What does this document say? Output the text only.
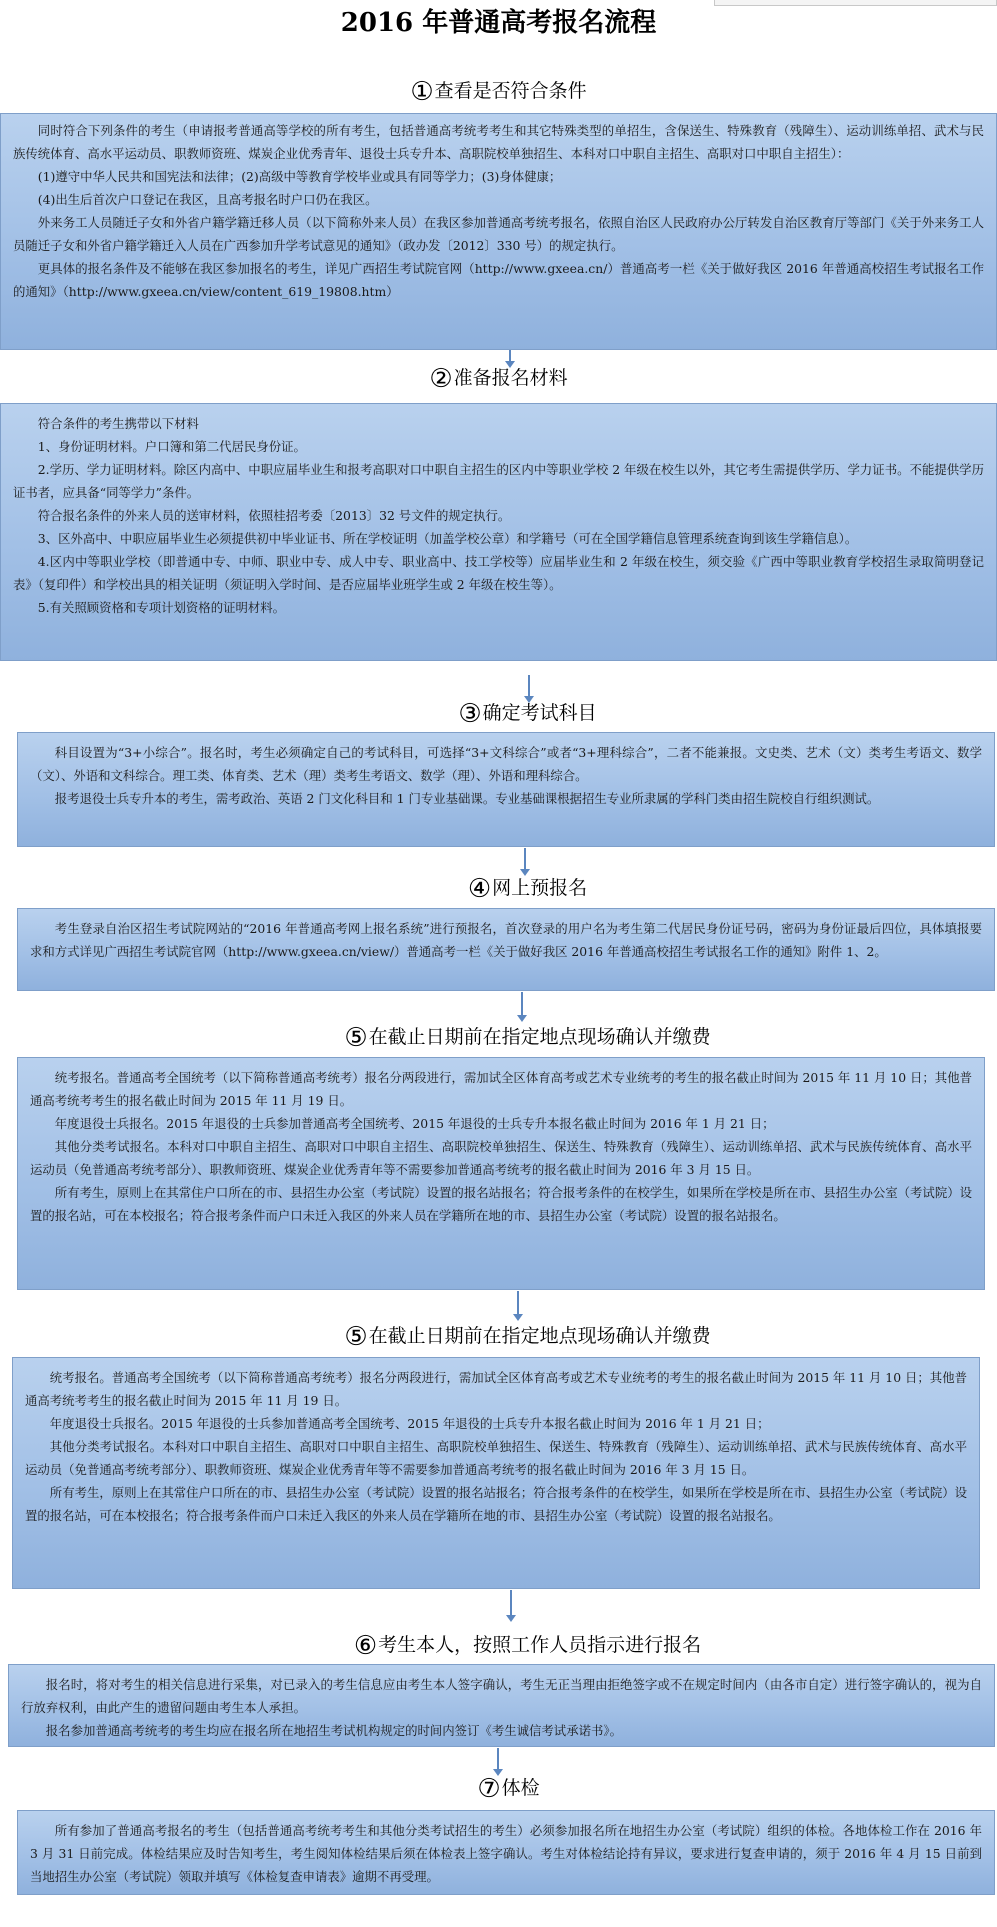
2016 年普通高考报名流程
①查看是否符合条件

同时符合下列条件的考生（申请报考普通高等学校的所有考生，包括普通高考统考考生和其它特殊类型的单招生，含保送生、特殊教育（残障生）、运动训练单招、武术与民族传统体育、高水平运动员、职教师资班、煤炭企业优秀青年、退役士兵专升本、高职院校单独招生、本科对口中职自主招生、高职对口中职自主招生）：

(1)遵守中华人民共和国宪法和法律；(2)高级中等教育学校毕业或具有同等学力；(3)身体健康；

(4)出生后首次户口登记在我区，且高考报名时户口仍在我区。

外来务工人员随迁子女和外省户籍学籍迁移人员（以下简称外来人员）在我区参加普通高考统考报名，依照自治区人民政府办公厅转发自治区教育厅等部门《关于外来务工人员随迁子女和外省户籍学籍迁入人员在广西参加升学考试意见的通知》（政办发〔2012〕330 号）的规定执行。

更具体的报名条件及不能够在我区参加报名的考生，详见广西招生考试院官网（http://www.gxeea.cn/）普通高考一栏《关于做好我区 2016 年普通高校招生考试报名工作的通知》（http://www.gxeea.cn/view/content_619_19808.htm）

②准备报名材料

符合条件的考生携带以下材料

1、身份证明材料。户口簿和第二代居民身份证。

2.学历、学力证明材料。除区内高中、中职应届毕业生和报考高职对口中职自主招生的区内中等职业学校 2 年级在校生以外，其它考生需提供学历、学力证书。不能提供学历证书者，应具备“同等学力”条件。

符合报名条件的外来人员的送审材料，依照桂招考委〔2013〕32 号文件的规定执行。

3、区外高中、中职应届毕业生必须提供初中毕业证书、所在学校证明（加盖学校公章）和学籍号（可在全国学籍信息管理系统查询到该生学籍信息）。

4.区内中等职业学校（即普通中专、中师、职业中专、成人中专、职业高中、技工学校等）应届毕业生和 2 年级在校生，须交验《广西中等职业教育学校招生录取简明登记表》（复印件）和学校出具的相关证明（须证明入学时间、是否应届毕业班学生或 2 年级在校生等）。

5.有关照顾资格和专项计划资格的证明材料。

③确定考试科目

科目设置为“3+小综合”。报名时，考生必须确定自己的考试科目，可选择“3+文科综合”或者“3+理科综合”，二者不能兼报。文史类、艺术（文）类考生考语文、数学（文）、外语和文科综合。理工类、体育类、艺术（理）类考生考语文、数学（理）、外语和理科综合。

报考退役士兵专升本的考生，需考政治、英语 2 门文化科目和 1 门专业基础课。专业基础课根据招生专业所隶属的学科门类由招生院校自行组织测试。

④网上预报名

考生登录自治区招生考试院网站的“2016 年普通高考网上报名系统”进行预报名，首次登录的用户名为考生第二代居民身份证号码，密码为身份证最后四位，具体填报要求和方式详见广西招生考试院官网（http://www.gxeea.cn/view/）普通高考一栏《关于做好我区 2016 年普通高校招生考试报名工作的通知》附件 1、2。

⑤在截止日期前在指定地点现场确认并缴费

统考报名。普通高考全国统考（以下简称普通高考统考）报名分两段进行，需加试全区体育高考或艺术专业统考的考生的报名截止时间为 2015 年 11 月 10 日；其他普通高考统考考生的报名截止时间为 2015 年 11 月 19 日。

年度退役士兵报名。2015 年退役的士兵参加普通高考全国统考、2015 年退役的士兵专升本报名截止时间为 2016 年 1 月 21 日；

其他分类考试报名。本科对口中职自主招生、高职对口中职自主招生、高职院校单独招生、保送生、特殊教育（残障生）、运动训练单招、武术与民族传统体育、高水平运动员（免普通高考统考部分）、职教师资班、煤炭企业优秀青年等不需要参加普通高考统考的报名截止时间为 2016 年 3 月 15 日。

所有考生，原则上在其常住户口所在的市、县招生办公室（考试院）设置的报名站报名；符合报考条件的在校学生，如果所在学校是所在市、县招生办公室（考试院）设置的报名站，可在本校报名；符合报考条件而户口未迁入我区的外来人员在学籍所在地的市、县招生办公室（考试院）设置的报名站报名。

⑤在截止日期前在指定地点现场确认并缴费

统考报名。普通高考全国统考（以下简称普通高考统考）报名分两段进行，需加试全区体育高考或艺术专业统考的考生的报名截止时间为 2015 年 11 月 10 日；其他普通高考统考考生的报名截止时间为 2015 年 11 月 19 日。

年度退役士兵报名。2015 年退役的士兵参加普通高考全国统考、2015 年退役的士兵专升本报名截止时间为 2016 年 1 月 21 日；

其他分类考试报名。本科对口中职自主招生、高职对口中职自主招生、高职院校单独招生、保送生、特殊教育（残障生）、运动训练单招、武术与民族传统体育、高水平运动员（免普通高考统考部分）、职教师资班、煤炭企业优秀青年等不需要参加普通高考统考的报名截止时间为 2016 年 3 月 15 日。

所有考生，原则上在其常住户口所在的市、县招生办公室（考试院）设置的报名站报名；符合报考条件的在校学生，如果所在学校是所在市、县招生办公室（考试院）设置的报名站，可在本校报名；符合报考条件而户口未迁入我区的外来人员在学籍所在地的市、县招生办公室（考试院）设置的报名站报名。

⑥考生本人，按照工作人员指示进行报名

报名时，将对考生的相关信息进行采集，对已录入的考生信息应由考生本人签字确认，考生无正当理由拒绝签字或不在规定时间内（由各市自定）进行签字确认的，视为自行放弃权利，由此产生的遗留问题由考生本人承担。

报名参加普通高考统考的考生均应在报名所在地招生考试机构规定的时间内签订《考生诚信考试承诺书》。

⑦体检

所有参加了普通高考报名的考生（包括普通高考统考考生和其他分类考试招生的考生）必须参加报名所在地招生办公室（考试院）组织的体检。各地体检工作在 2016 年 3 月 31 日前完成。体检结果应及时告知考生，考生阅知体检结果后须在体检表上签字确认。考生对体检结论持有异议，要求进行复查申请的，须于 2016 年 4 月 15 日前到当地招生办公室（考试院）领取并填写《体检复查申请表》逾期不再受理。
